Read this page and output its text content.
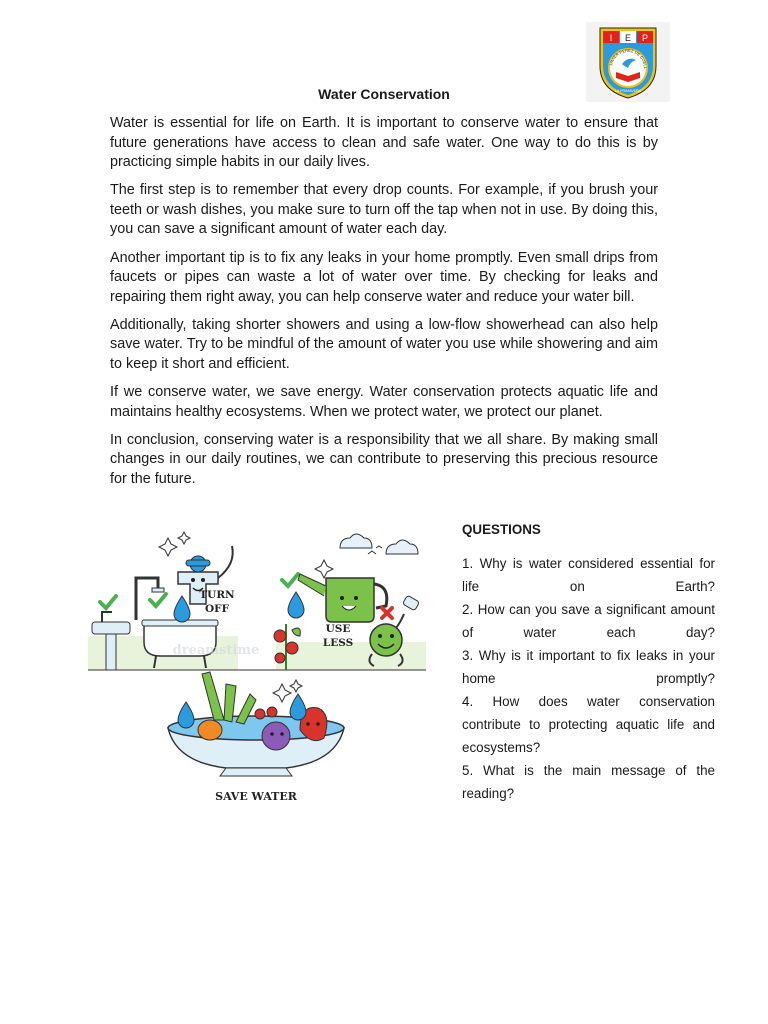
I E P
JAVIER PEREZ DE CUELL
LA PRIMAVERA
Water Conservation

Water is essential for life on Earth. It is important to conserve water to ensure that future generations have access to clean and safe water. One way to do this is by practicing simple habits in our daily lives.

The first step is to remember that every drop counts. For example, if you brush your teeth or wash dishes, you make sure to turn off the tap when not in use. By doing this, you can save a significant amount of water each day.

Another important tip is to fix any leaks in your home promptly. Even small drips from faucets or pipes can waste a lot of water over time. By checking for leaks and repairing them right away, you can help conserve water and reduce your water bill.

Additionally, taking shorter showers and using a low-flow showerhead can also help save water. Try to be mindful of the amount of water you use while showering and aim to keep it short and efficient.

If we conserve water, we save energy. Water conservation protects aquatic life and maintains healthy ecosystems. When we protect water, we protect our planet.

In conclusion, conserving water is a responsibility that we all share. By making small changes in our daily routines, we can contribute to preserving this precious resource for the future.

TURN
OFF
USE
LESS
dreamstime
SAVE WATER
QUESTIONS
1. Why is water considered essential for life on Earth?
2. How can you save a significant amount of water each day?
3. Why is it important to fix leaks in your home promptly?
4. How does water conservation contribute to protecting aquatic life and ecosystems?
5. What is the main message of the reading?
